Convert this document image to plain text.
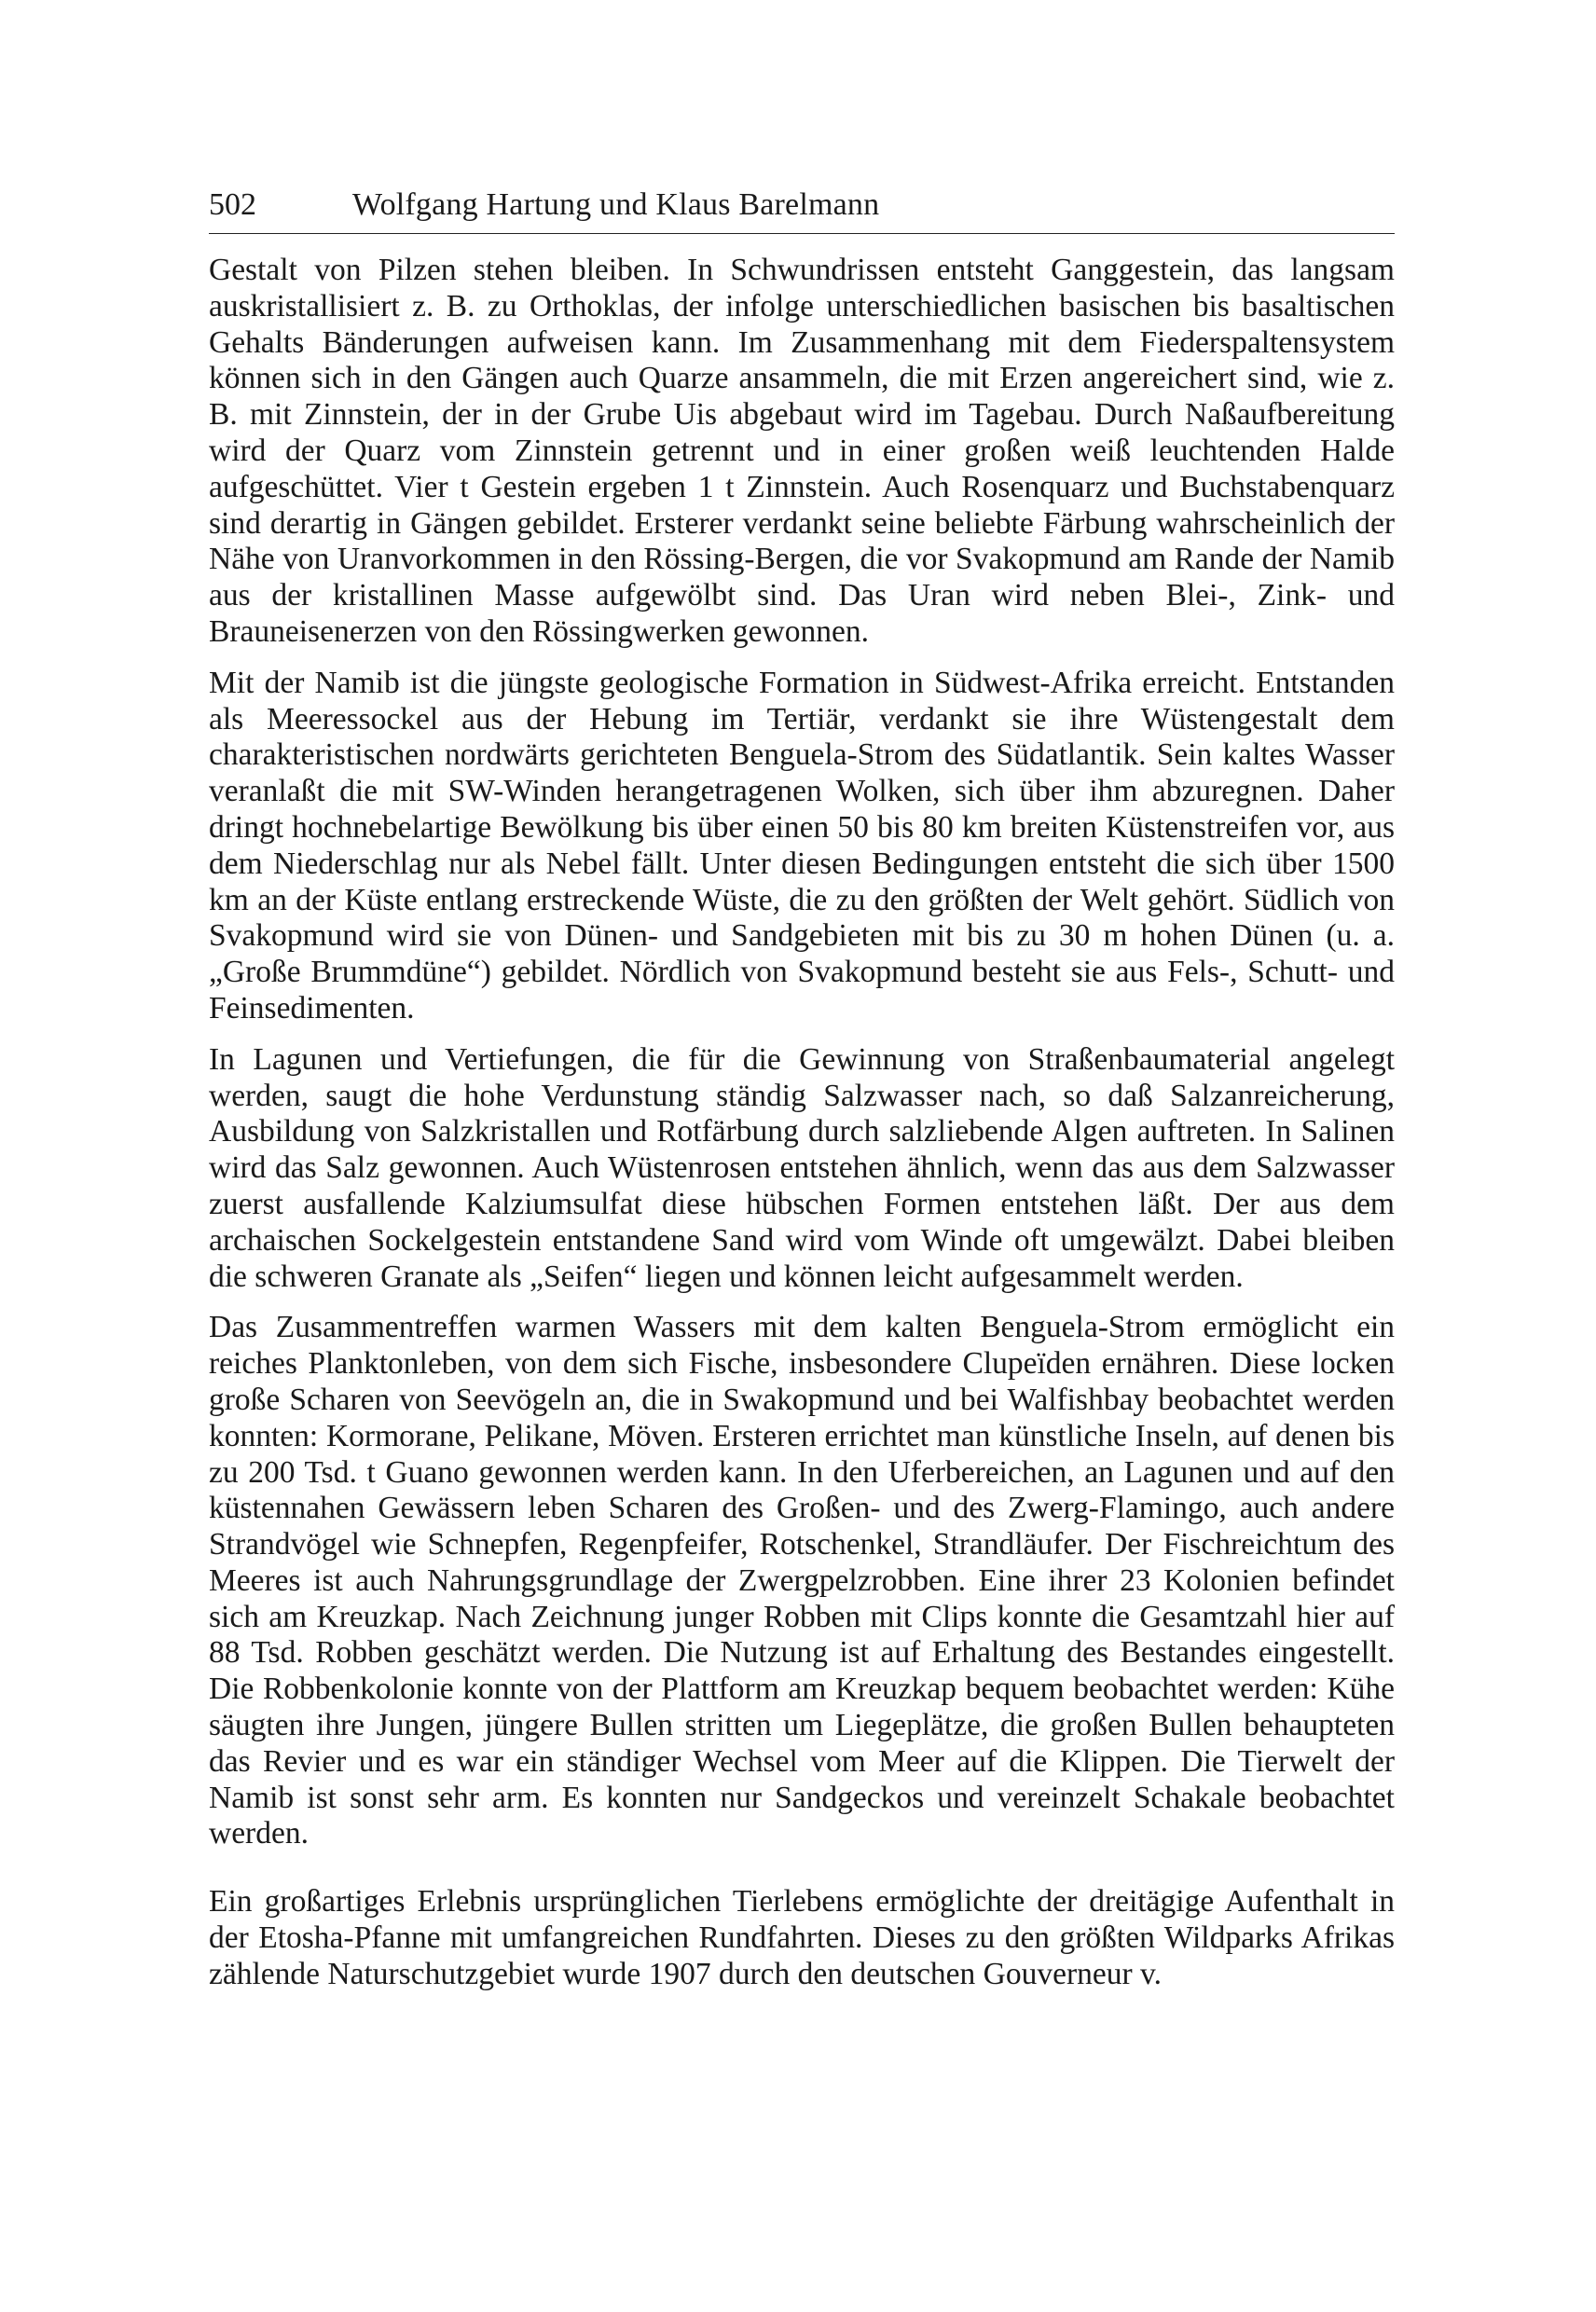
502	Wolfgang Hartung und Klaus Barelmann

Gestalt von Pilzen stehen bleiben. In Schwundrissen entsteht Ganggestein, das langsam auskristallisiert z. B. zu Orthoklas, der infolge unterschiedlichen basischen bis basaltischen Gehalts Bänderungen aufweisen kann. Im Zusammenhang mit dem Fiederspaltensystem können sich in den Gängen auch Quarze ansammeln, die mit Erzen angereichert sind, wie z. B. mit Zinnstein, der in der Grube Uis abgebaut wird im Tagebau. Durch Naßaufbereitung wird der Quarz vom Zinnstein getrennt und in einer großen weiß leuchtenden Halde aufgeschüttet. Vier t Gestein ergeben 1 t Zinnstein. Auch Rosenquarz und Buchstabenquarz sind derartig in Gängen gebildet. Ersterer verdankt seine beliebte Färbung wahrscheinlich der Nähe von Uranvorkommen in den Rössing-Bergen, die vor Svakopmund am Rande der Namib aus der kristallinen Masse aufgewölbt sind. Das Uran wird neben Blei-, Zink- und Brauneisenerzen von den Rössingwerken gewonnen.

Mit der Namib ist die jüngste geologische Formation in Südwest-Afrika erreicht. Entstanden als Meeressockel aus der Hebung im Tertiär, verdankt sie ihre Wüstengestalt dem charakteristischen nordwärts gerichteten Benguela-Strom des Südatlantik. Sein kaltes Wasser veranlaßt die mit SW-Winden herangetragenen Wolken, sich über ihm abzuregnen. Daher dringt hochnebelartige Bewölkung bis über einen 50 bis 80 km breiten Küstenstreifen vor, aus dem Niederschlag nur als Nebel fällt. Unter diesen Bedingungen entsteht die sich über 1500 km an der Küste entlang erstreckende Wüste, die zu den größten der Welt gehört. Südlich von Svakopmund wird sie von Dünen- und Sandgebieten mit bis zu 30 m hohen Dünen (u. a. „Große Brummdüne“) gebildet. Nördlich von Svakopmund besteht sie aus Fels-, Schutt- und Feinsedimenten.

In Lagunen und Vertiefungen, die für die Gewinnung von Straßenbaumaterial angelegt werden, saugt die hohe Verdunstung ständig Salzwasser nach, so daß Salzanreicherung, Ausbildung von Salzkristallen und Rotfärbung durch salzliebende Algen auftreten. In Salinen wird das Salz gewonnen. Auch Wüstenrosen entstehen ähnlich, wenn das aus dem Salzwasser zuerst ausfallende Kalziumsulfat diese hübschen Formen entstehen läßt. Der aus dem archaischen Sockelgestein entstandene Sand wird vom Winde oft umgewälzt. Dabei bleiben die schweren Granate als „Seifen“ liegen und können leicht aufgesammelt werden.

Das Zusammentreffen warmen Wassers mit dem kalten Benguela-Strom ermöglicht ein reiches Planktonleben, von dem sich Fische, insbesondere Clupeïden ernähren. Diese locken große Scharen von Seevögeln an, die in Swakopmund und bei Walfishbay beobachtet werden konnten: Kormorane, Pelikane, Möven. Ersteren errichtet man künstliche Inseln, auf denen bis zu 200 Tsd. t Guano gewonnen werden kann. In den Uferbereichen, an Lagunen und auf den küstennahen Gewässern leben Scharen des Großen- und des Zwerg-Flamingo, auch andere Strandvögel wie Schnepfen, Regenpfeifer, Rotschenkel, Strandläufer. Der Fischreichtum des Meeres ist auch Nahrungsgrundlage der Zwergpelzrobben. Eine ihrer 23 Kolonien befindet sich am Kreuzkap. Nach Zeichnung junger Robben mit Clips konnte die Gesamtzahl hier auf 88 Tsd. Robben geschätzt werden. Die Nutzung ist auf Erhaltung des Bestandes eingestellt. Die Robbenkolonie konnte von der Plattform am Kreuzkap bequem beobachtet werden: Kühe säugten ihre Jungen, jüngere Bullen stritten um Liegeplätze, die großen Bullen behaupteten das Revier und es war ein ständiger Wechsel vom Meer auf die Klippen. Die Tierwelt der Namib ist sonst sehr arm. Es konnten nur Sandgeckos und vereinzelt Schakale beobachtet werden.

Ein großartiges Erlebnis ursprünglichen Tierlebens ermöglichte der dreitägige Aufenthalt in der Etosha-Pfanne mit umfangreichen Rundfahrten. Dieses zu den größten Wildparks Afrikas zählende Naturschutzgebiet wurde 1907 durch den deutschen Gouverneur v.
